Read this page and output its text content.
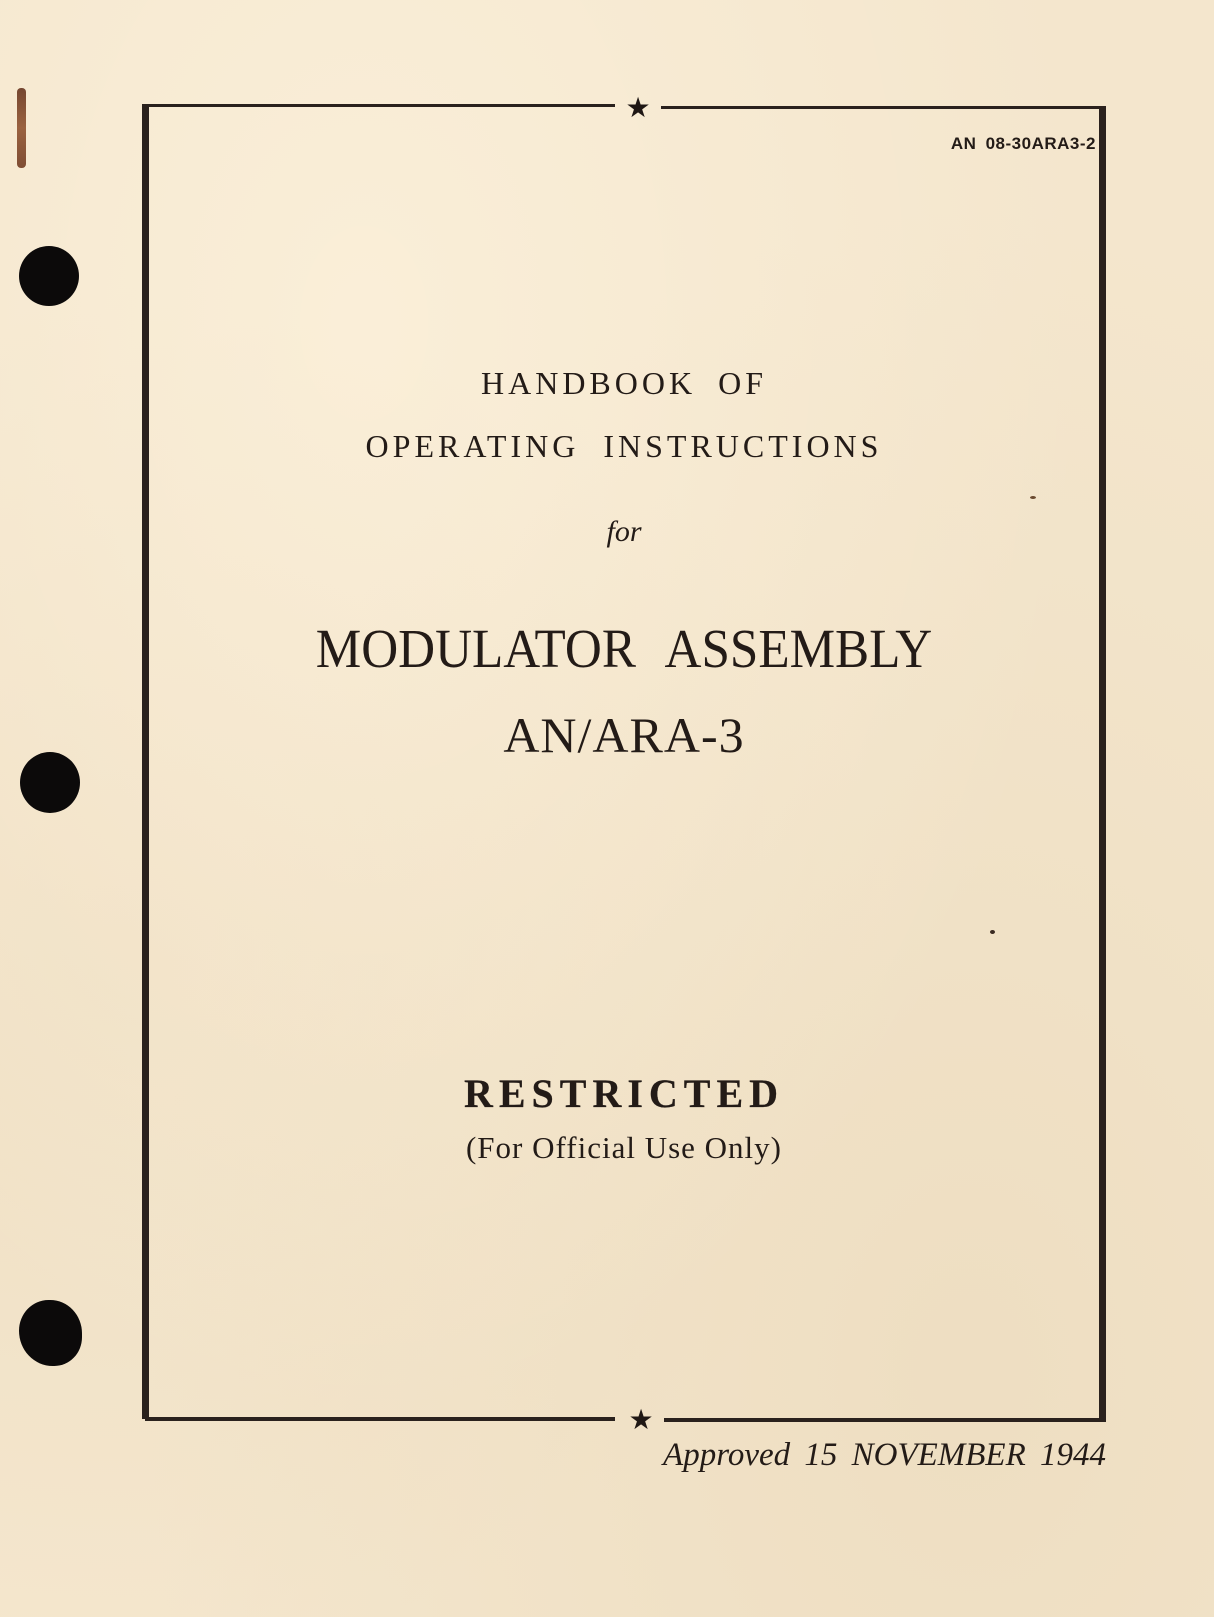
★
★
AN 08-30ARA3-2
HANDBOOK OF
OPERATING INSTRUCTIONS
for
MODULATOR ASSEMBLY
AN/ARA-3
RESTRICTED
(For Official Use Only)
Approved 15 NOVEMBER 1944
